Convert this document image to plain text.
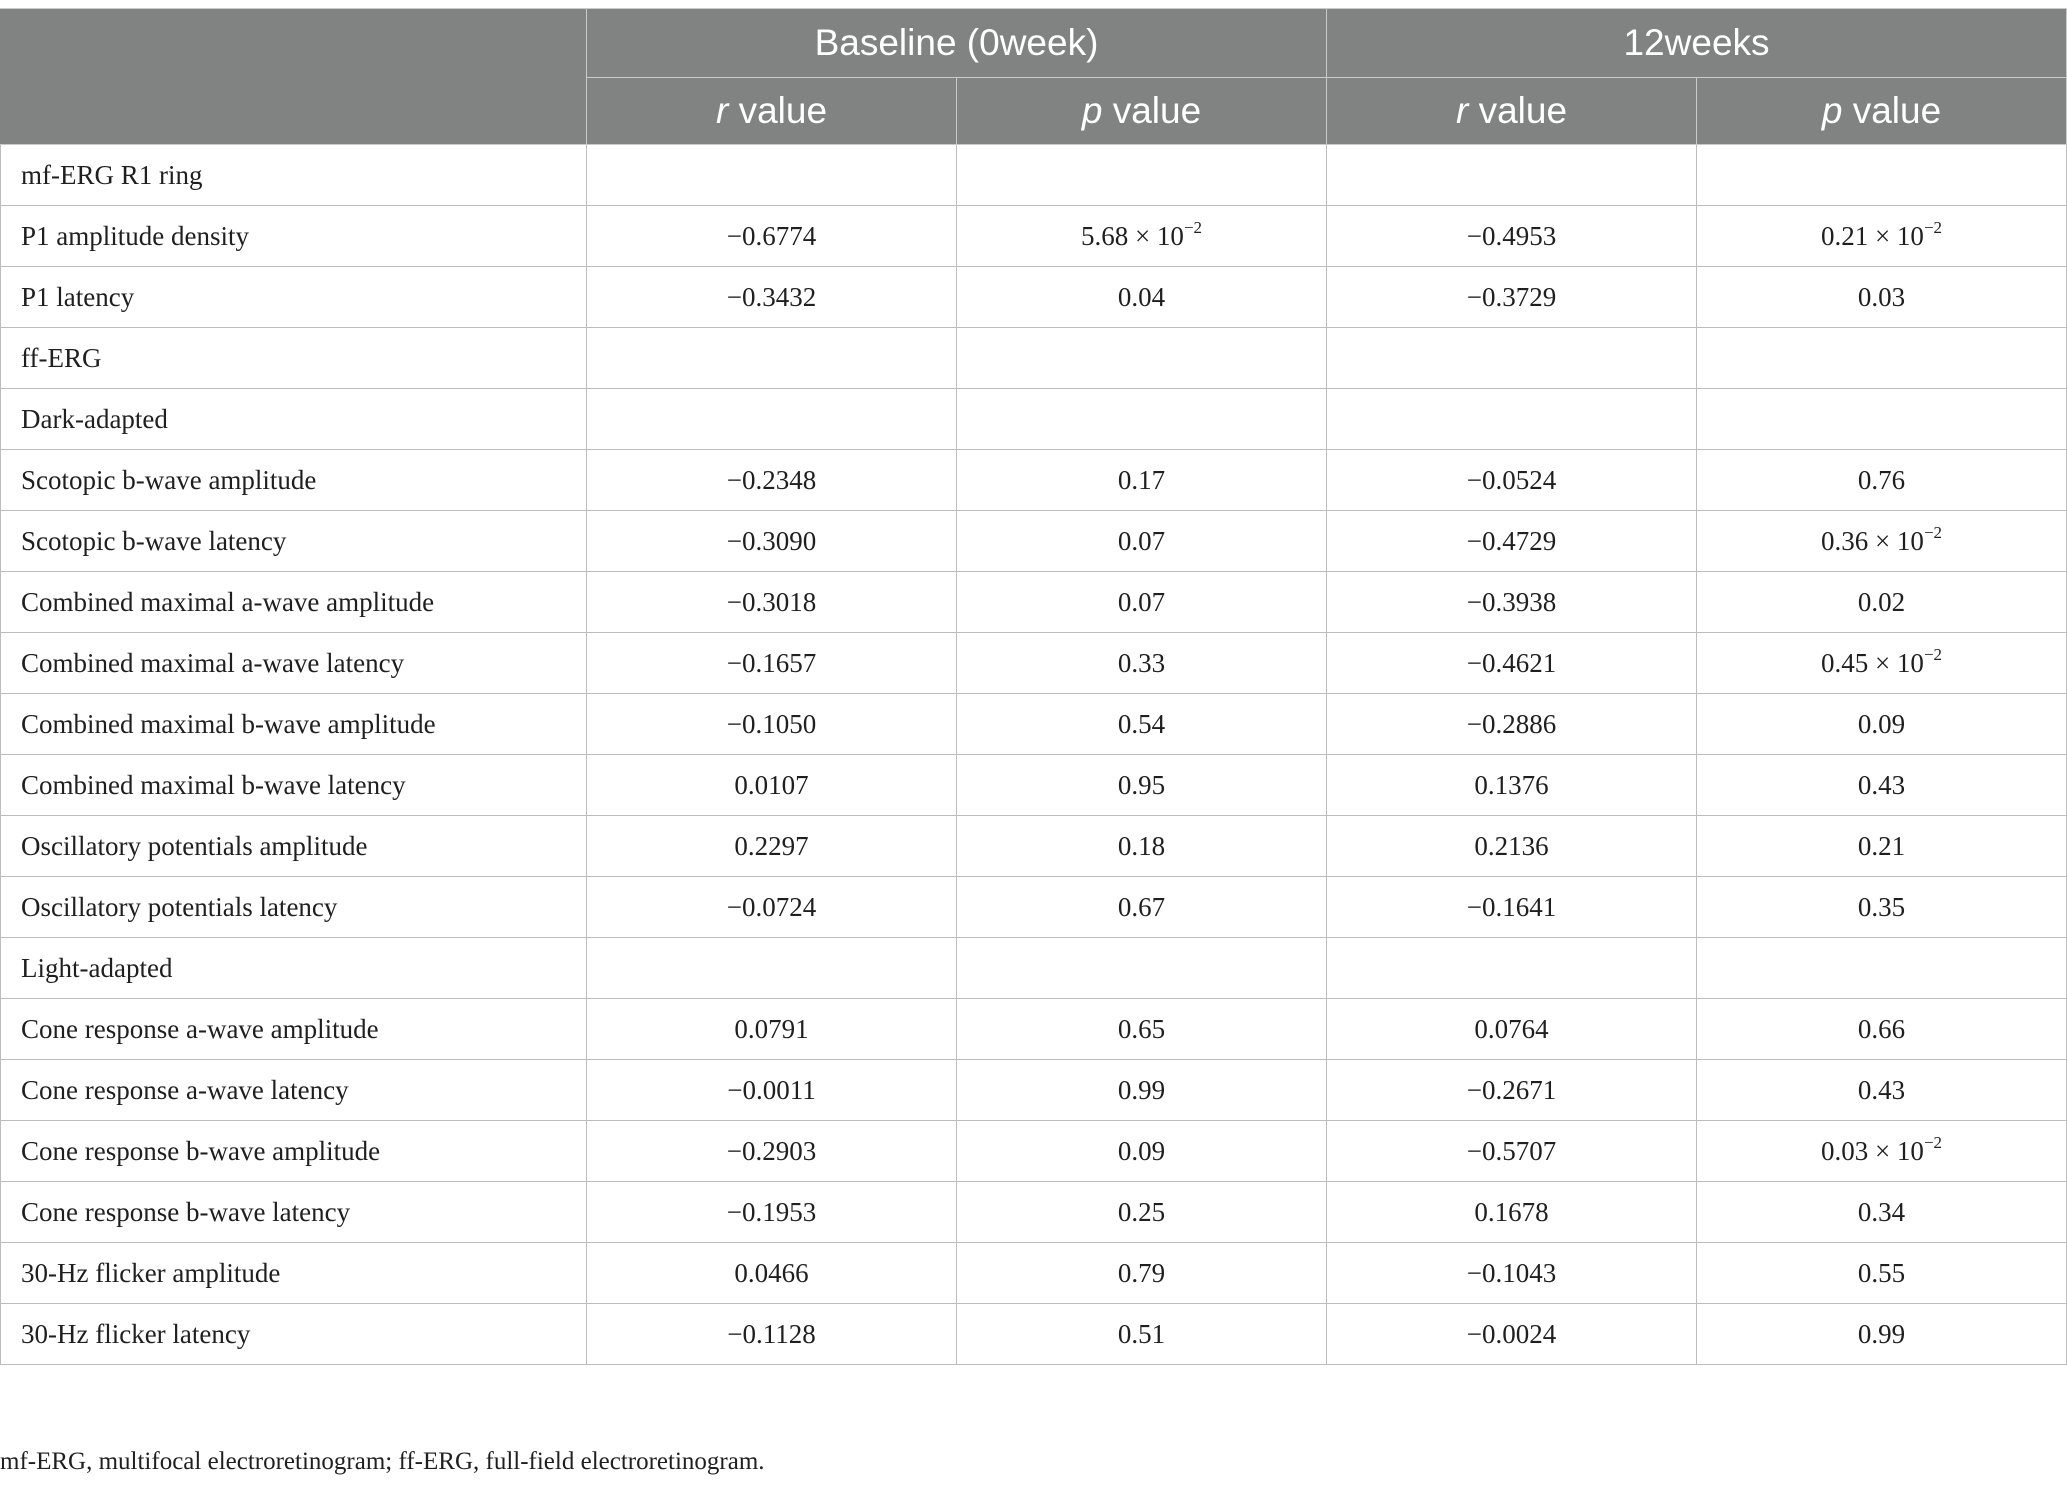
	Baseline (0week)		12weeks	
	r value	p value	r value	p value
mf-ERG R1 ring				
P1 amplitude density	−0.6774	$5.68 \times 10^{-2}$	−0.4953	$0.21 \times 10^{-2}$
P1 latency	−0.3432	0.04	−0.3729	0.03
ff-ERG				
Dark-adapted				
Scotopic b-wave amplitude	−0.2348	0.17	−0.0524	0.76
Scotopic b-wave latency	−0.3090	0.07	−0.4729	$0.36 \times 10^{-2}$
Combined maximal a-wave amplitude	−0.3018	0.07	−0.3938	0.02
Combined maximal a-wave latency	−0.1657	0.33	−0.4621	$0.45 \times 10^{-2}$
Combined maximal b-wave amplitude	−0.1050	0.54	−0.2886	0.09
Combined maximal b-wave latency	0.0107	0.95	0.1376	0.43
Oscillatory potentials amplitude	0.2297	0.18	0.2136	0.21
Oscillatory potentials latency	−0.0724	0.67	−0.1641	0.35
Light-adapted				
Cone response a-wave amplitude	0.0791	0.65	0.0764	0.66
Cone response a-wave latency	−0.0011	0.99	−0.2671	0.43
Cone response b-wave amplitude	−0.2903	0.09	−0.5707	$0.03 \times 10^{-2}$
Cone response b-wave latency	−0.1953	0.25	0.1678	0.34
30-Hz flicker amplitude	0.0466	0.79	−0.1043	0.55
30-Hz flicker latency	−0.1128	0.51	−0.0024	0.99
mf-ERG, multifocal electroretinogram; ff-ERG, full-field electroretinogram.
